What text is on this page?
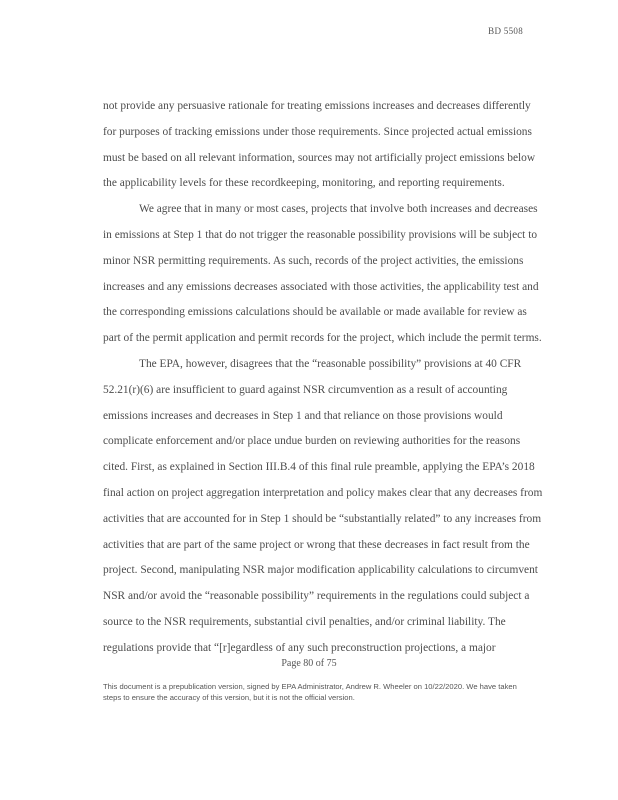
BD 5508

not provide any persuasive rationale for treating emissions increases and decreases differently for purposes of tracking emissions under those requirements. Since projected actual emissions must be based on all relevant information, sources may not artificially project emissions below the applicability levels for these recordkeeping, monitoring, and reporting requirements.

We agree that in many or most cases, projects that involve both increases and decreases in emissions at Step 1 that do not trigger the reasonable possibility provisions will be subject to minor NSR permitting requirements. As such, records of the project activities, the emissions increases and any emissions decreases associated with those activities, the applicability test and the corresponding emissions calculations should be available or made available for review as part of the permit application and permit records for the project, which include the permit terms.

The EPA, however, disagrees that the “reasonable possibility” provisions at 40 CFR 52.21(r)(6) are insufficient to guard against NSR circumvention as a result of accounting emissions increases and decreases in Step 1 and that reliance on those provisions would complicate enforcement and/or place undue burden on reviewing authorities for the reasons cited. First, as explained in Section III.B.4 of this final rule preamble, applying the EPA’s 2018 final action on project aggregation interpretation and policy makes clear that any decreases from activities that are accounted for in Step 1 should be “substantially related” to any increases from activities that are part of the same project or wrong that these decreases in fact result from the project. Second, manipulating NSR major modification applicability calculations to circumvent NSR and/or avoid the “reasonable possibility” requirements in the regulations could subject a source to the NSR requirements, substantial civil penalties, and/or criminal liability. The regulations provide that “[r]egardless of any such preconstruction projections, a major

Page 80 of 75
This document is a prepublication version, signed by EPA Administrator, Andrew R. Wheeler on 10/22/2020. We have taken steps to ensure the accuracy of this version, but it is not the official version.
